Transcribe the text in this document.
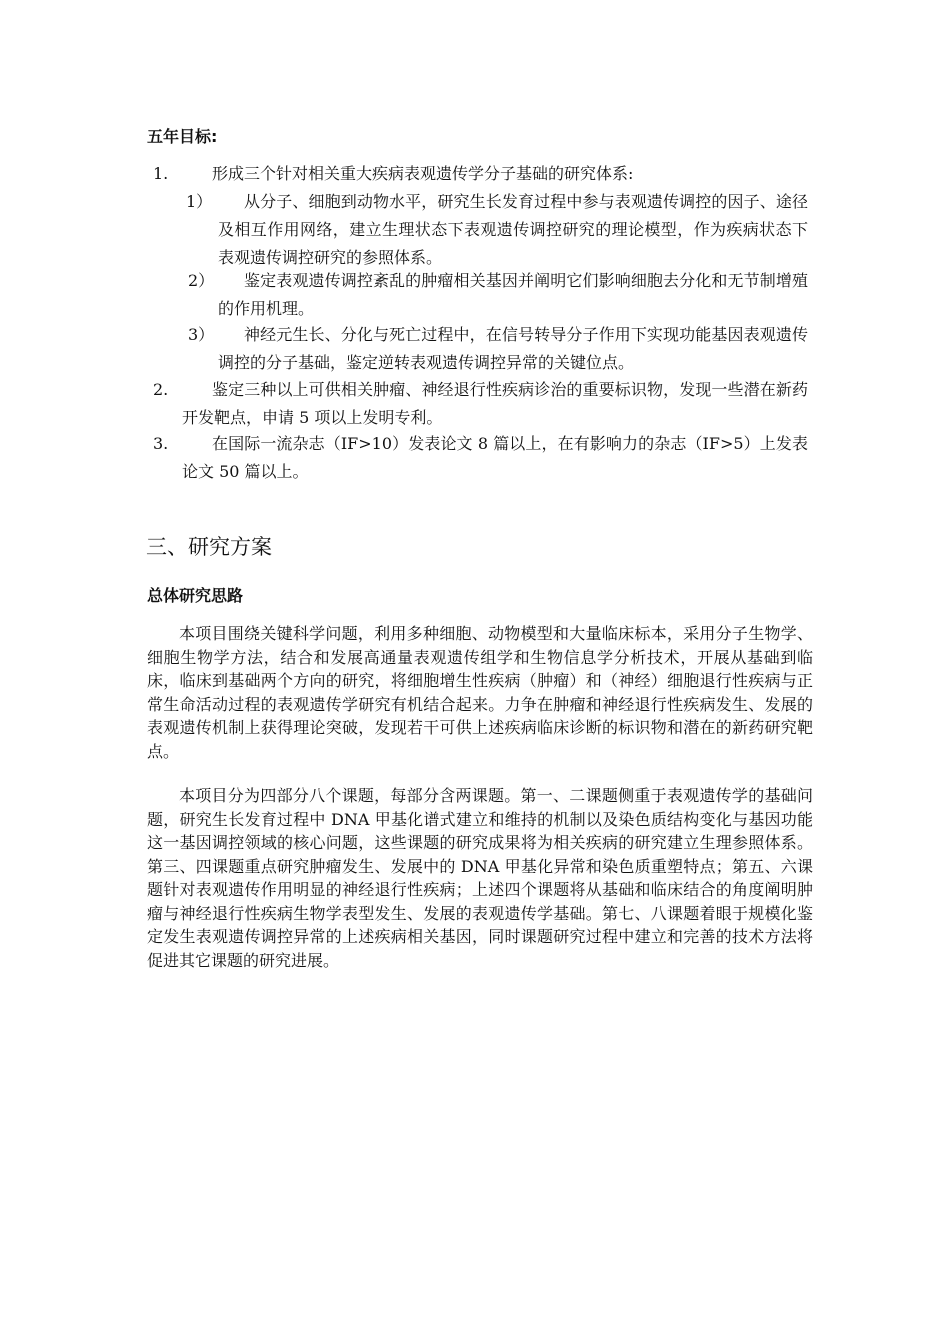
五年目标:
1.	形成三个针对相关重大疾病表观遗传学分子基础的研究体系:
1）	从分子、细胞到动物水平，研究生长发育过程中参与表观遗传调控的因子、途径及相互作用网络，建立生理状态下表观遗传调控研究的理论模型，作为疾病状态下表观遗传调控研究的参照体系。
2）	鉴定表观遗传调控紊乱的肿瘤相关基因并阐明它们影响细胞去分化和无节制增殖的作用机理。
3）	神经元生长、分化与死亡过程中，在信号转导分子作用下实现功能基因表观遗传调控的分子基础，鉴定逆转表观遗传调控异常的关键位点。
2.	鉴定三种以上可供相关肿瘤、神经退行性疾病诊治的重要标识物，发现一些潜在新药开发靶点，申请 5 项以上发明专利。
3.	在国际一流杂志（IF>10）发表论文 8 篇以上，在有影响力的杂志（IF>5）上发表论文 50 篇以上。
三、研究方案
总体研究思路

本项目围绕关键科学问题，利用多种细胞、动物模型和大量临床标本，采用分子生物学、细胞生物学方法，结合和发展高通量表观遗传组学和生物信息学分析技术，开展从基础到临床，临床到基础两个方向的研究，将细胞增生性疾病（肿瘤）和（神经）细胞退行性疾病与正常生命活动过程的表观遗传学研究有机结合起来。力争在肿瘤和神经退行性疾病发生、发展的表观遗传机制上获得理论突破，发现若干可供上述疾病临床诊断的标识物和潜在的新药研究靶点。

本项目分为四部分八个课题，每部分含两课题。第一、二课题侧重于表观遗传学的基础问题，研究生长发育过程中 DNA 甲基化谱式建立和维持的机制以及染色质结构变化与基因功能这一基因调控领域的核心问题，这些课题的研究成果将为相关疾病的研究建立生理参照体系。第三、四课题重点研究肿瘤发生、发展中的 DNA 甲基化异常和染色质重塑特点；第五、六课题针对表观遗传作用明显的神经退行性疾病；上述四个课题将从基础和临床结合的角度阐明肿瘤与神经退行性疾病生物学表型发生、发展的表观遗传学基础。第七、八课题着眼于规模化鉴定发生表观遗传调控异常的上述疾病相关基因，同时课题研究过程中建立和完善的技术方法将促进其它课题的研究进展。
